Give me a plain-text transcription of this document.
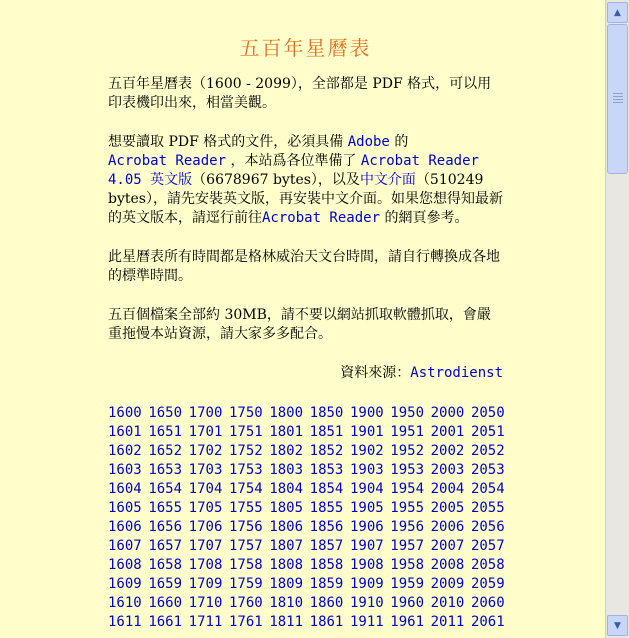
五百年星曆表

五百年星曆表（1600 - 2099），全部都是 PDF 格式，可以用印表機印出來，相當美觀。

想要讀取 PDF 格式的文件，必須具備 Adobe 的
Acrobat Reader ，本站爲各位準備了 Acrobat Reader 4.05 英文版（6678967 bytes），以及中文介面（510249 bytes），請先安裝英文版，再安裝中文介面。如果您想得知最新的英文版本，請逕行前往Acrobat Reader 的網頁參考。

此星曆表所有時間都是格林威治天文台時間，請自行轉換成各地的標準時間。

五百個檔案全部約 30MB，請不要以網站抓取軟體抓取，會嚴重拖慢本站資源，請大家多多配合。

資料來源：Astrodienst

1600 1650 1700 1750 1800 1850 1900 1950 2000 2050
1601 1651 1701 1751 1801 1851 1901 1951 2001 2051
1602 1652 1702 1752 1802 1852 1902 1952 2002 2052
1603 1653 1703 1753 1803 1853 1903 1953 2003 2053
1604 1654 1704 1754 1804 1854 1904 1954 2004 2054
1605 1655 1705 1755 1805 1855 1905 1955 2005 2055
1606 1656 1706 1756 1806 1856 1906 1956 2006 2056
1607 1657 1707 1757 1807 1857 1907 1957 2007 2057
1608 1658 1708 1758 1808 1858 1908 1958 2008 2058
1609 1659 1709 1759 1809 1859 1909 1959 2009 2059
1610 1660 1710 1760 1810 1860 1910 1960 2010 2060
1611 1661 1711 1761 1811 1861 1911 1961 2011 2061
▲
▼
